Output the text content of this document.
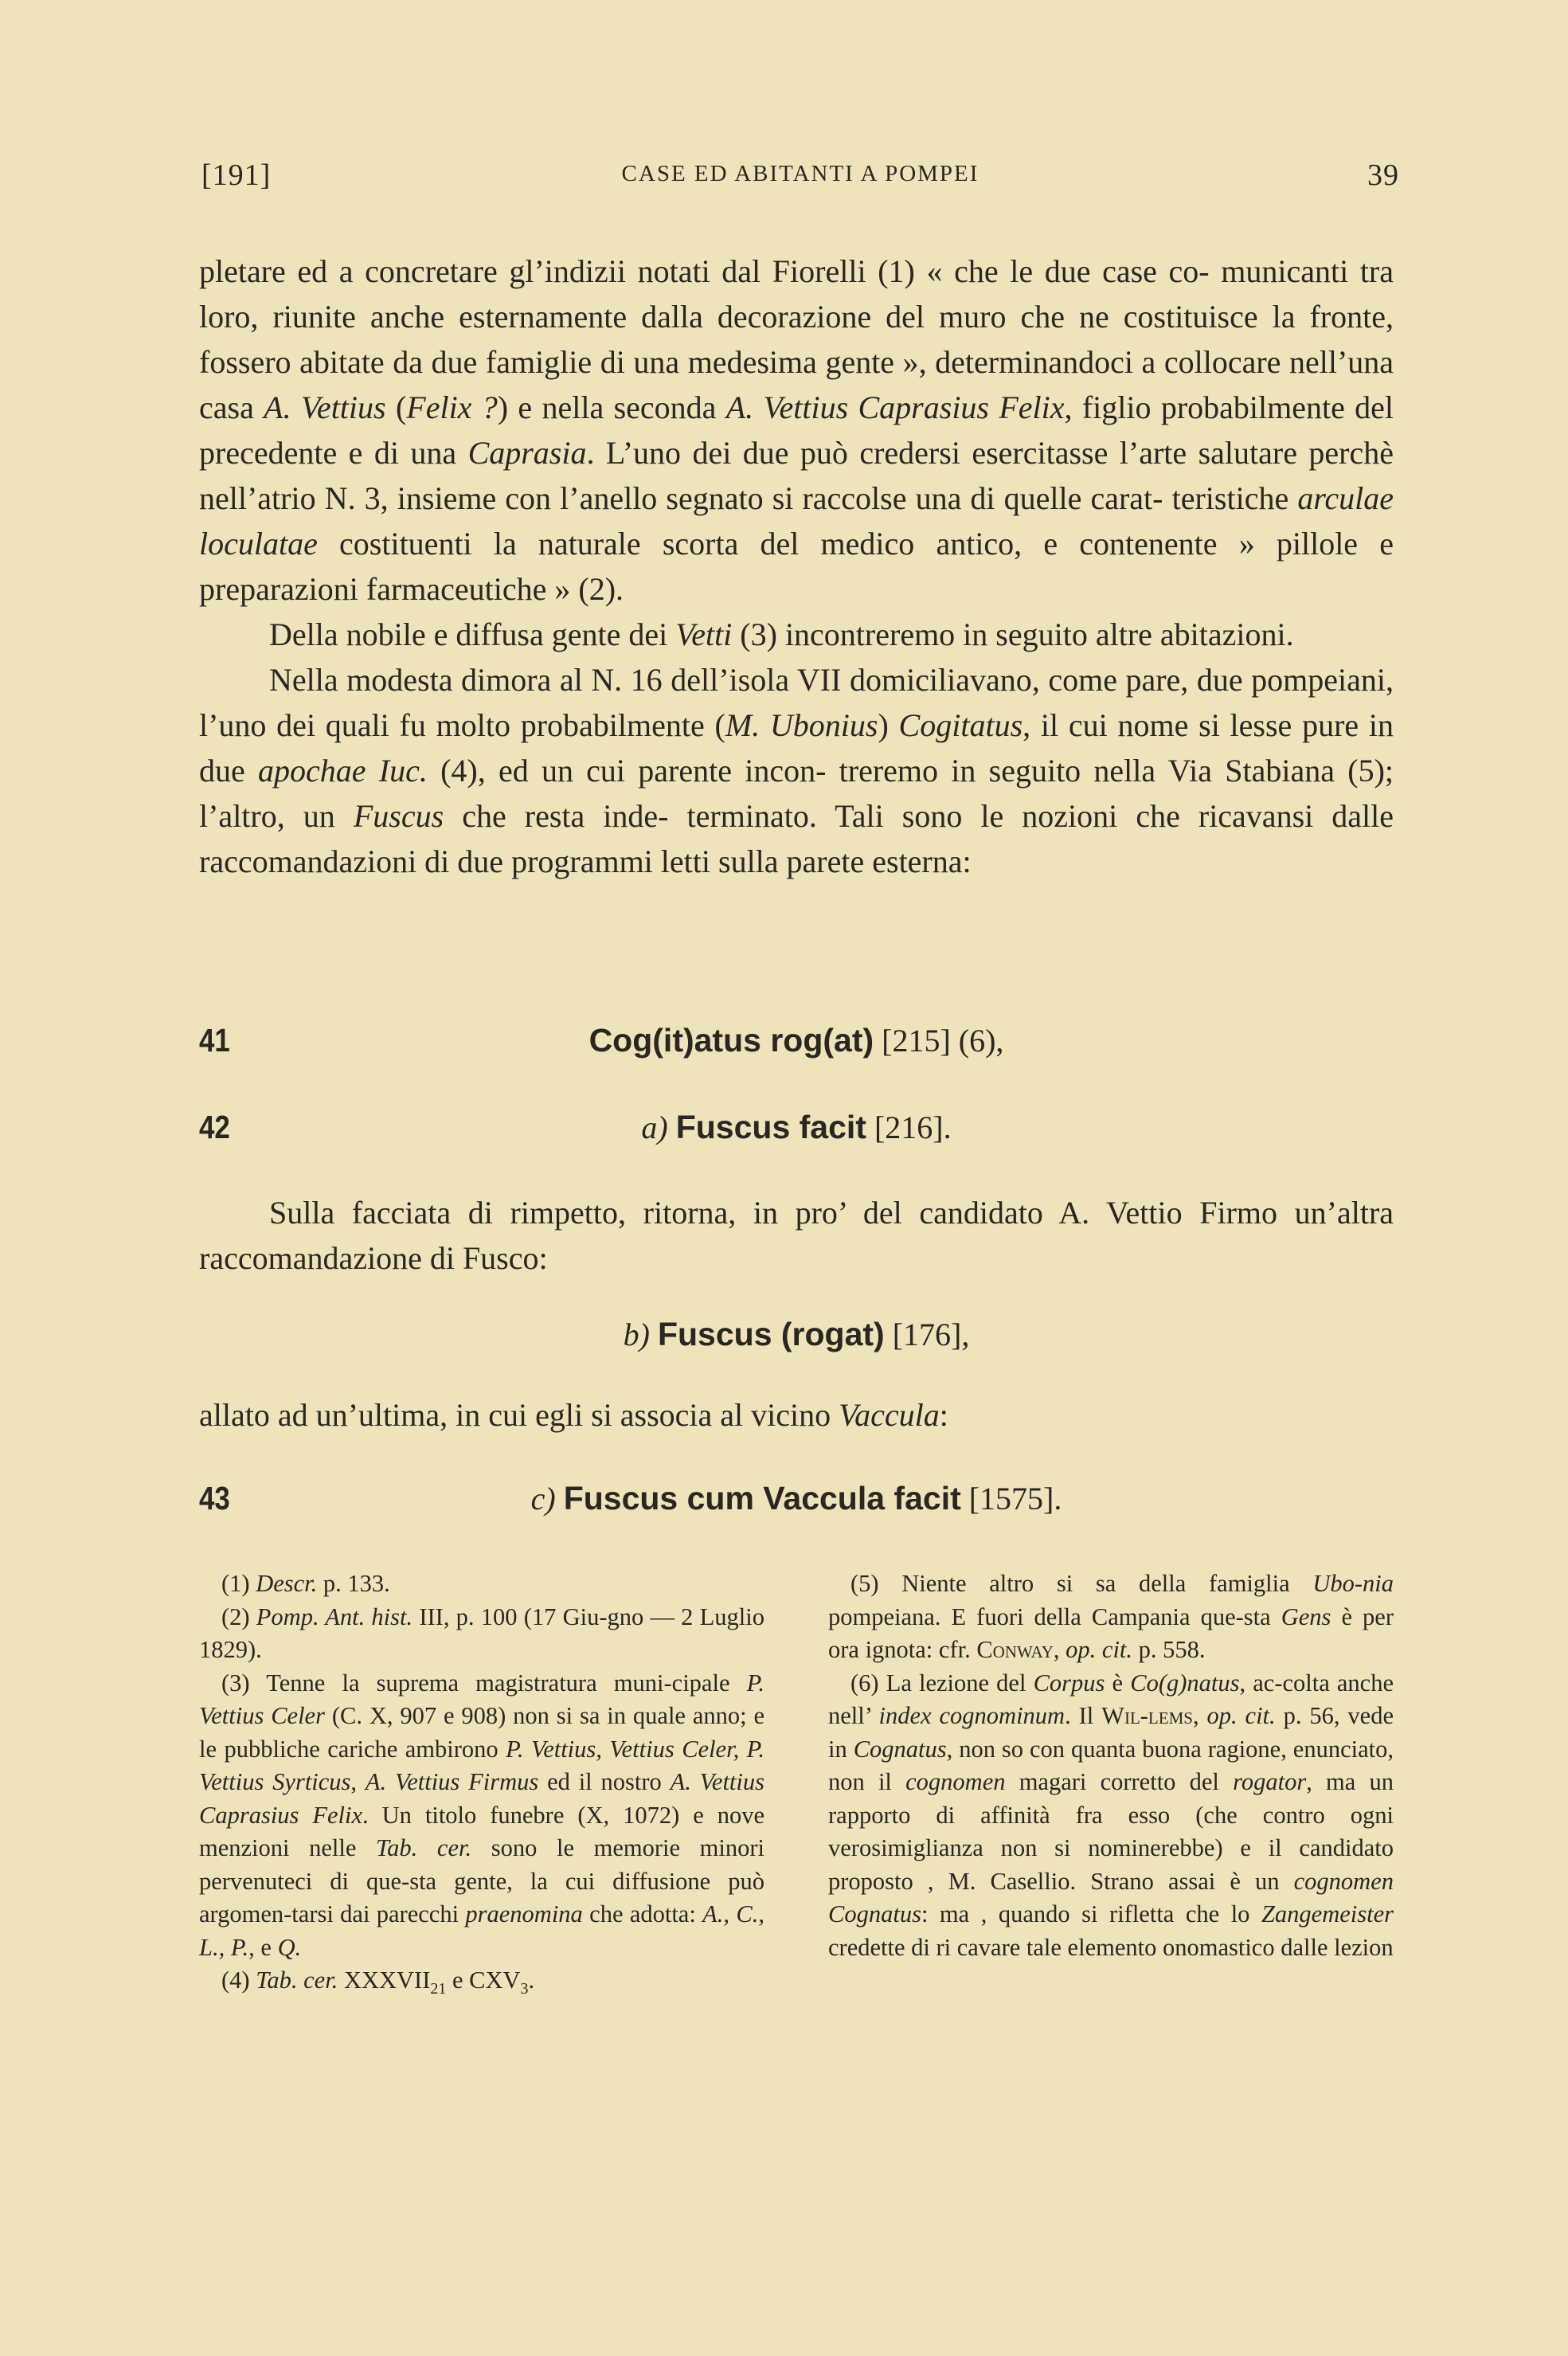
[191]	CASE ED ABITANTI A POMPEI	39

pletare ed a concretare gl’indizii notati dal Fiorelli (1) « che le due case co- municanti tra loro, riunite anche esternamente dalla decorazione del muro che ne costituisce la fronte, fossero abitate da due famiglie di una medesima gente », determinandoci a collocare nell’una casa A. Vettius (Felix ?) e nella seconda A. Vettius Caprasius Felix, figlio probabilmente del precedente e di una Caprasia. L’uno dei due può credersi esercitasse l’arte salutare perchè nell’atrio N. 3, insieme con l’anello segnato si raccolse una di quelle carat- teristiche arculae loculatae costituenti la naturale scorta del medico antico, e contenente » pillole e preparazioni farmaceutiche » (2).

Della nobile e diffusa gente dei Vetti (3) incontreremo in seguito altre abitazioni.

Nella modesta dimora al N. 16 dell’isola VII domiciliavano, come pare, due pompeiani, l’uno dei quali fu molto probabilmente (M. Ubonius) Cogitatus, il cui nome si lesse pure in due apochae Iuc. (4), ed un cui parente incon- treremo in seguito nella Via Stabiana (5); l’altro, un Fuscus che resta inde- terminato. Tali sono le nozioni che ricavansi dalle raccomandazioni di due programmi letti sulla parete esterna:

41	Cog(it)atus rog(at) [215] (6),
42	a) Fuscus facit [216].

Sulla facciata di rimpetto, ritorna, in pro’ del candidato A. Vettio Firmo un’altra raccomandazione di Fusco:

b) Fuscus (rogat) [176],

allato ad un’ultima, in cui egli si associa al vicino Vaccula:

43	c) Fuscus cum Vaccula facit [1575].

(1) Descr. p. 133.

(2) Pomp. Ant. hist. III, p. 100 (17 Giu-gno — 2 Luglio 1829).

(3) Tenne la suprema magistratura muni-cipale P. Vettius Celer (C. X, 907 e 908) non si sa in quale anno; e le pubbliche cariche ambirono P. Vettius, Vettius Celer, P. Vettius Syrticus, A. Vettius Firmus ed il nostro A. Vettius Caprasius Felix. Un titolo funebre (X, 1072) e nove menzioni nelle Tab. cer. sono le memorie minori pervenuteci di que-sta gente, la cui diffusione può argomen-tarsi dai parecchi praenomina che adotta: A., C., L., P., e Q.

(4) Tab. cer. $XXXVII_{21}$ e $CXV_3$.

(5) Niente altro si sa della famiglia Ubo-nia pompeiana. E fuori della Campania que-sta Gens è per ora ignota: cfr. Conway, op. cit. p. 558.

(6) La lezione del Corpus è Co(g)natus, ac-colta anche nell’ index cognominum. Il Wil-lems, op. cit. p. 56, vede in Cognatus, non so con quanta buona ragione, enunciato, non il cognomen magari corretto del rogator, ma un rapporto di affinità fra esso (che contro ogni verosimiglianza non si nominerebbe) e il candidato proposto , M. Casellio. Strano assai è un cognomen Cognatus: ma , quando si rifletta che lo Zangemeister credette di ri cavare tale elemento onomastico dalle lezion
